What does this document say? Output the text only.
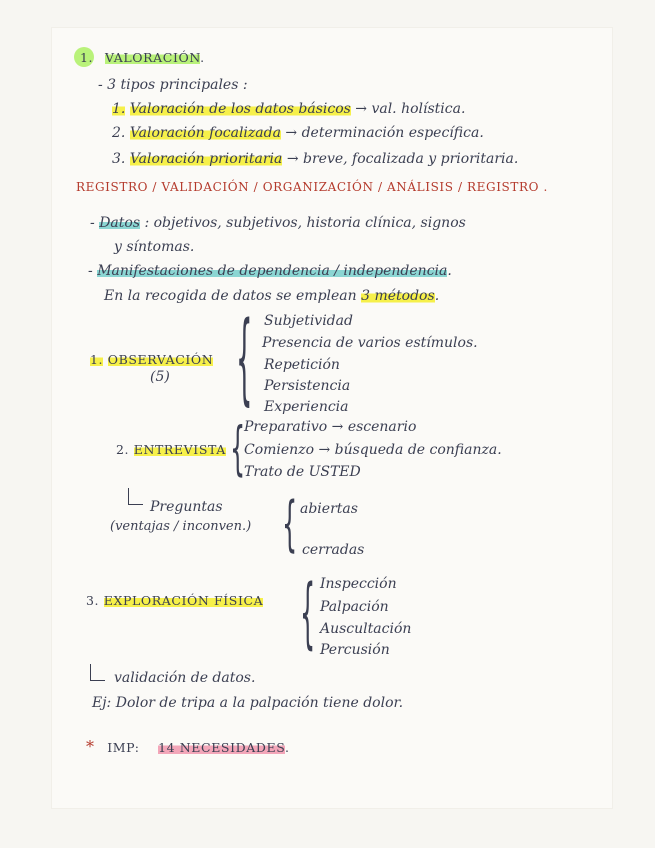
1. VALORACIÓN.
- 3 tipos principales :
1. Valoración de los datos básicos → val. holística.
2. Valoración focalizada → determinación específica.
3. Valoración prioritaria → breve, focalizada y prioritaria.
REGISTRO / VALIDACIÓN / ORGANIZACIÓN / ANÁLISIS / REGISTRO .
- Datos : objetivos, subjetivos, historia clínica, signos
y síntomas.
- Manifestaciones de dependencia / independencia.
En la recogida de datos se emplean 3 métodos.
1. OBSERVACIÓN
(5)	{ Subjetividad
Presencia de varios estímulos.
Repetición
Persistencia
Experiencia
2. ENTREVISTA {
Preparativo → escenario
Comienzo → búsqueda de confianza.
Trato de USTED
Preguntas
(ventajas / inconven.) { abiertas
cerradas
3. EXPLORACIÓN FÍSICA { Inspección
Palpación
Auscultación
Percusión
validación de datos.
Ej: Dolor de tripa a la palpación tiene dolor.
* IMP: 14 NECESIDADES.
